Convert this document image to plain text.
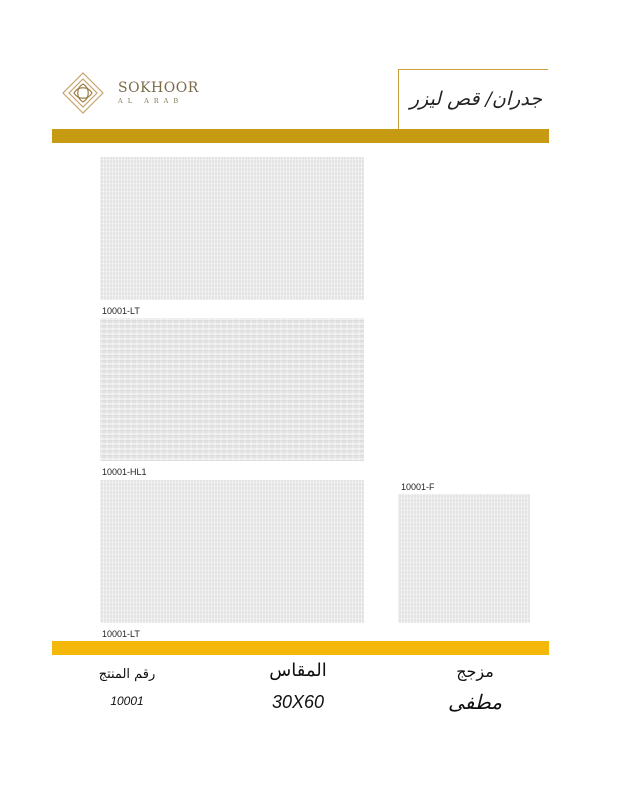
SOKHOOR
AL ARAB	جدران/ قص ليزر
10001-LT
10001-HL1
10001-LT
10001-F
رقم المنتج
10001
المقاس
30X60
مزجج
مطفى
